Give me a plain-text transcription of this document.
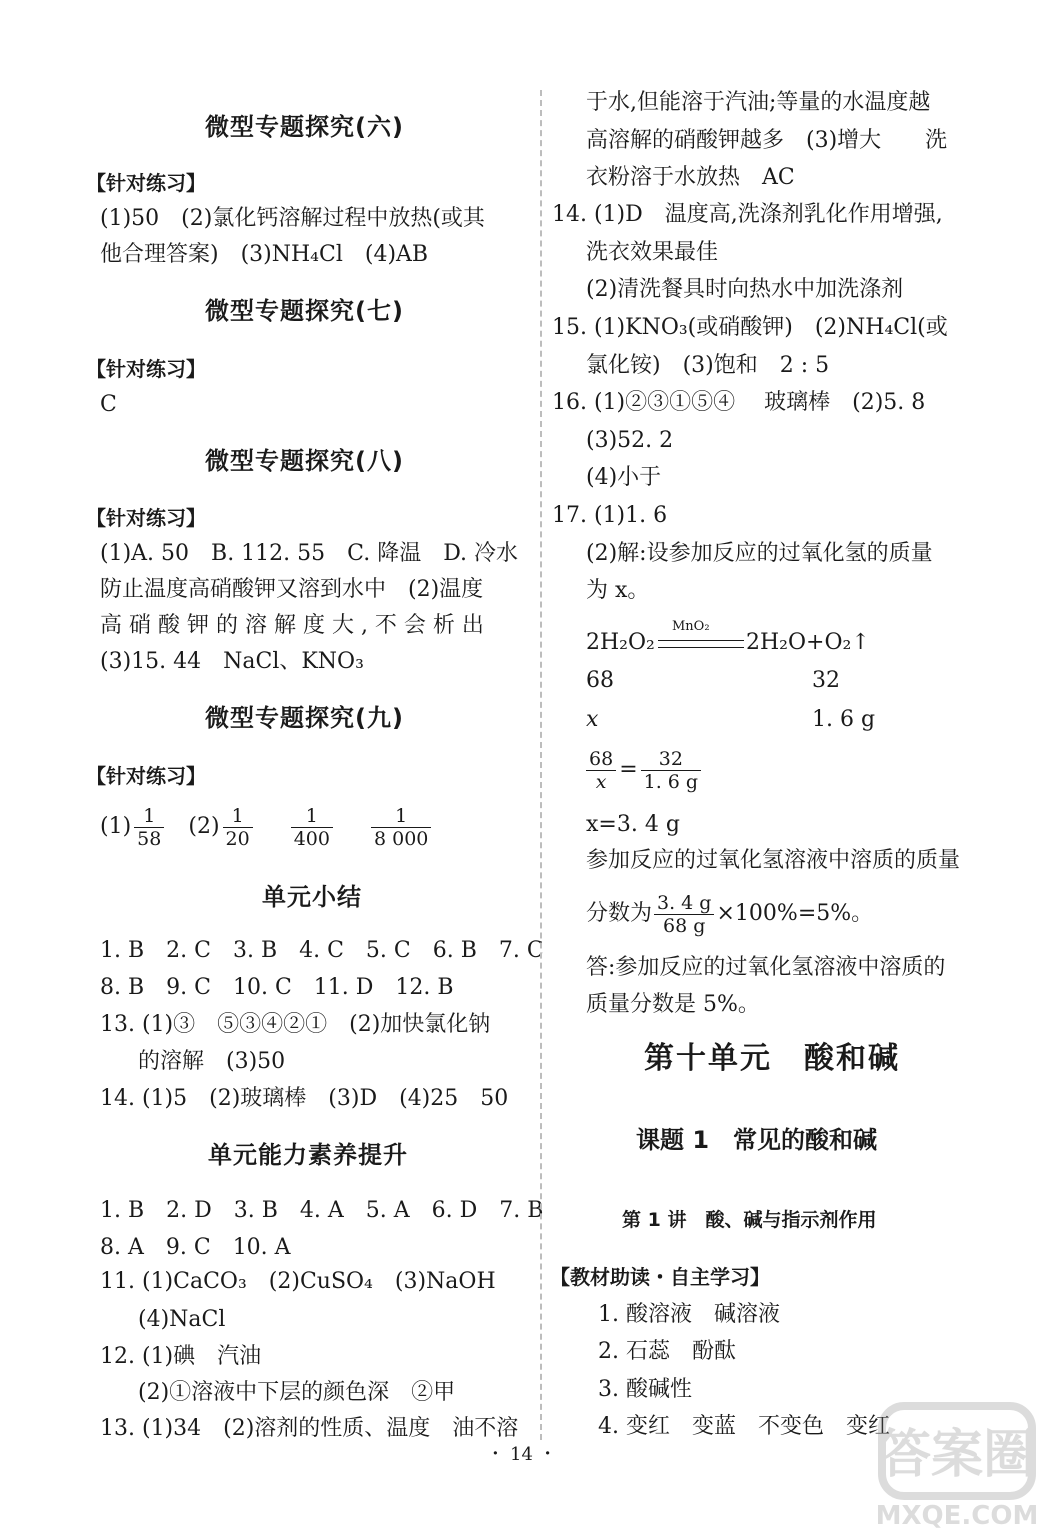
微型专题探究(六)
【针对练习】
(1)50　(2)氯化钙溶解过程中放热(或其
他合理答案)　(3)NH₄Cl　(4)AB
微型专题探究(七)
【针对练习】
C
微型专题探究(八)
【针对练习】
(1)A. 50　B. 112. 55　C. 降温　D. 冷水
防止温度高硝酸钾又溶到水中　(2)温度
高 硝 酸 钾 的 溶 解 度 大 , 不 会 析 出
(3)15. 44　NaCl、KNO₃
微型专题探究(九)
【针对练习】
$(1) \frac{1}{58} (2) \frac{1}{20}$
$\frac{1}{400}$
$\frac{1}{8 000}$
单元小结
1. B　2. C　3. B　4. C　5. C　6. B　7. C
8. B　9. C　10. C　11. D　12. B
13. (1)③　⑤③④②①　(2)加快氯化钠
的溶解　(3)50
14. (1)5　(2)玻璃棒　(3)D　(4)25　50
单元能力素养提升
1. B　2. D　3. B　4. A　5. A　6. D　7. B
8. A　9. C　10. A
11. (1)CaCO₃　(2)CuSO₄　(3)NaOH
(4)NaCl
12. (1)碘　汽油
(2)①溶液中下层的颜色深　②甲
13. (1)34　(2)溶剂的性质、温度　油不溶
于水,但能溶于汽油;等量的水温度越
高溶解的硝酸钾越多　(3)增大　　洗
衣粉溶于水放热　AC
14. (1)D　温度高,洗涤剂乳化作用增强,
洗衣效果最佳
(2)清洗餐具时向热水中加洗涤剂
15. (1)KNO₃(或硝酸钾)　(2)NH₄Cl(或
氯化铵)　(3)饱和　2 : 5
16. (1)②③①⑤④　 玻璃棒　(2)5. 8
(3)52. 2
(4)小于
17. (1)1. 6
(2)解:设参加反应的过氧化氢的质量
为 x。
2H₂O₂
MnO₂
2H₂O+O₂↑
68	32
x	1. 6 g
$\frac{68}{x} = \frac{32}{1. 6 g}$
x=3. 4 g
参加反应的过氧化氢溶液中溶质的质量
分数为 $\frac{3. 4 g}{68 g} \times 100\%=5\%$。
答:参加反应的过氧化氢溶液中溶质的
质量分数是 5%。
第十单元　酸和碱
课题 1　常见的酸和碱
第 1 讲　酸、碱与指示剂作用
【教材助读・自主学习】
1. 酸溶液　碱溶液
2. 石蕊　酚酞
3. 酸碱性
4. 变红　变蓝　不变色　变红
・ 14 ・	答案圈
MXQE.COM
